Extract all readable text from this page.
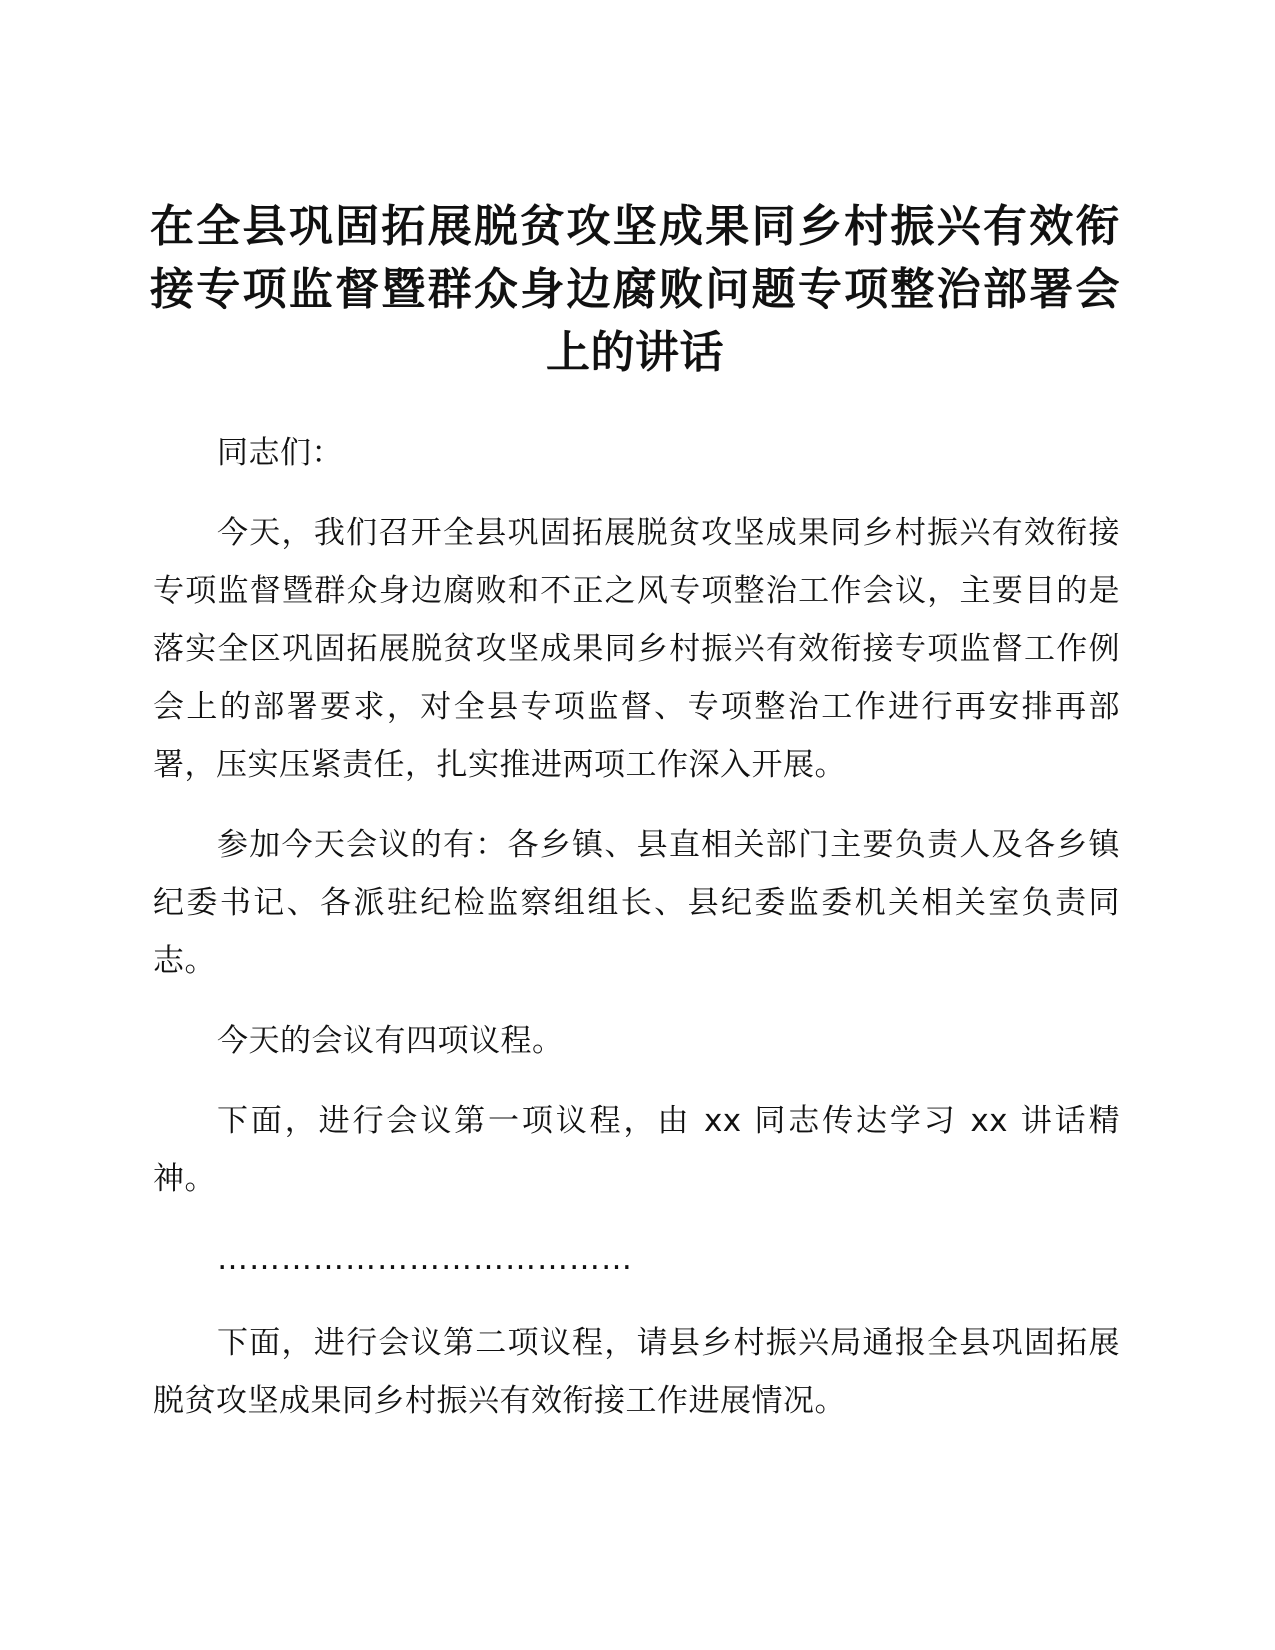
在全县巩固拓展脱贫攻坚成果同乡村振兴有效衔接专项监督暨群众身边腐败问题专项整治部署会上的讲话

同志们：

今天，我们召开全县巩固拓展脱贫攻坚成果同乡村振兴有效衔接专项监督暨群众身边腐败和不正之风专项整治工作会议，主要目的是落实全区巩固拓展脱贫攻坚成果同乡村振兴有效衔接专项监督工作例会上的部署要求，对全县专项监督、专项整治工作进行再安排再部署，压实压紧责任，扎实推进两项工作深入开展。

参加今天会议的有：各乡镇、县直相关部门主要负责人及各乡镇纪委书记、各派驻纪检监察组组长、县纪委监委机关相关室负责同志。

今天的会议有四项议程。

下面，进行会议第一项议程，由 xx 同志传达学习 xx 讲话精神。

…………………………………

下面，进行会议第二项议程，请县乡村振兴局通报全县巩固拓展脱贫攻坚成果同乡村振兴有效衔接工作进展情况。
